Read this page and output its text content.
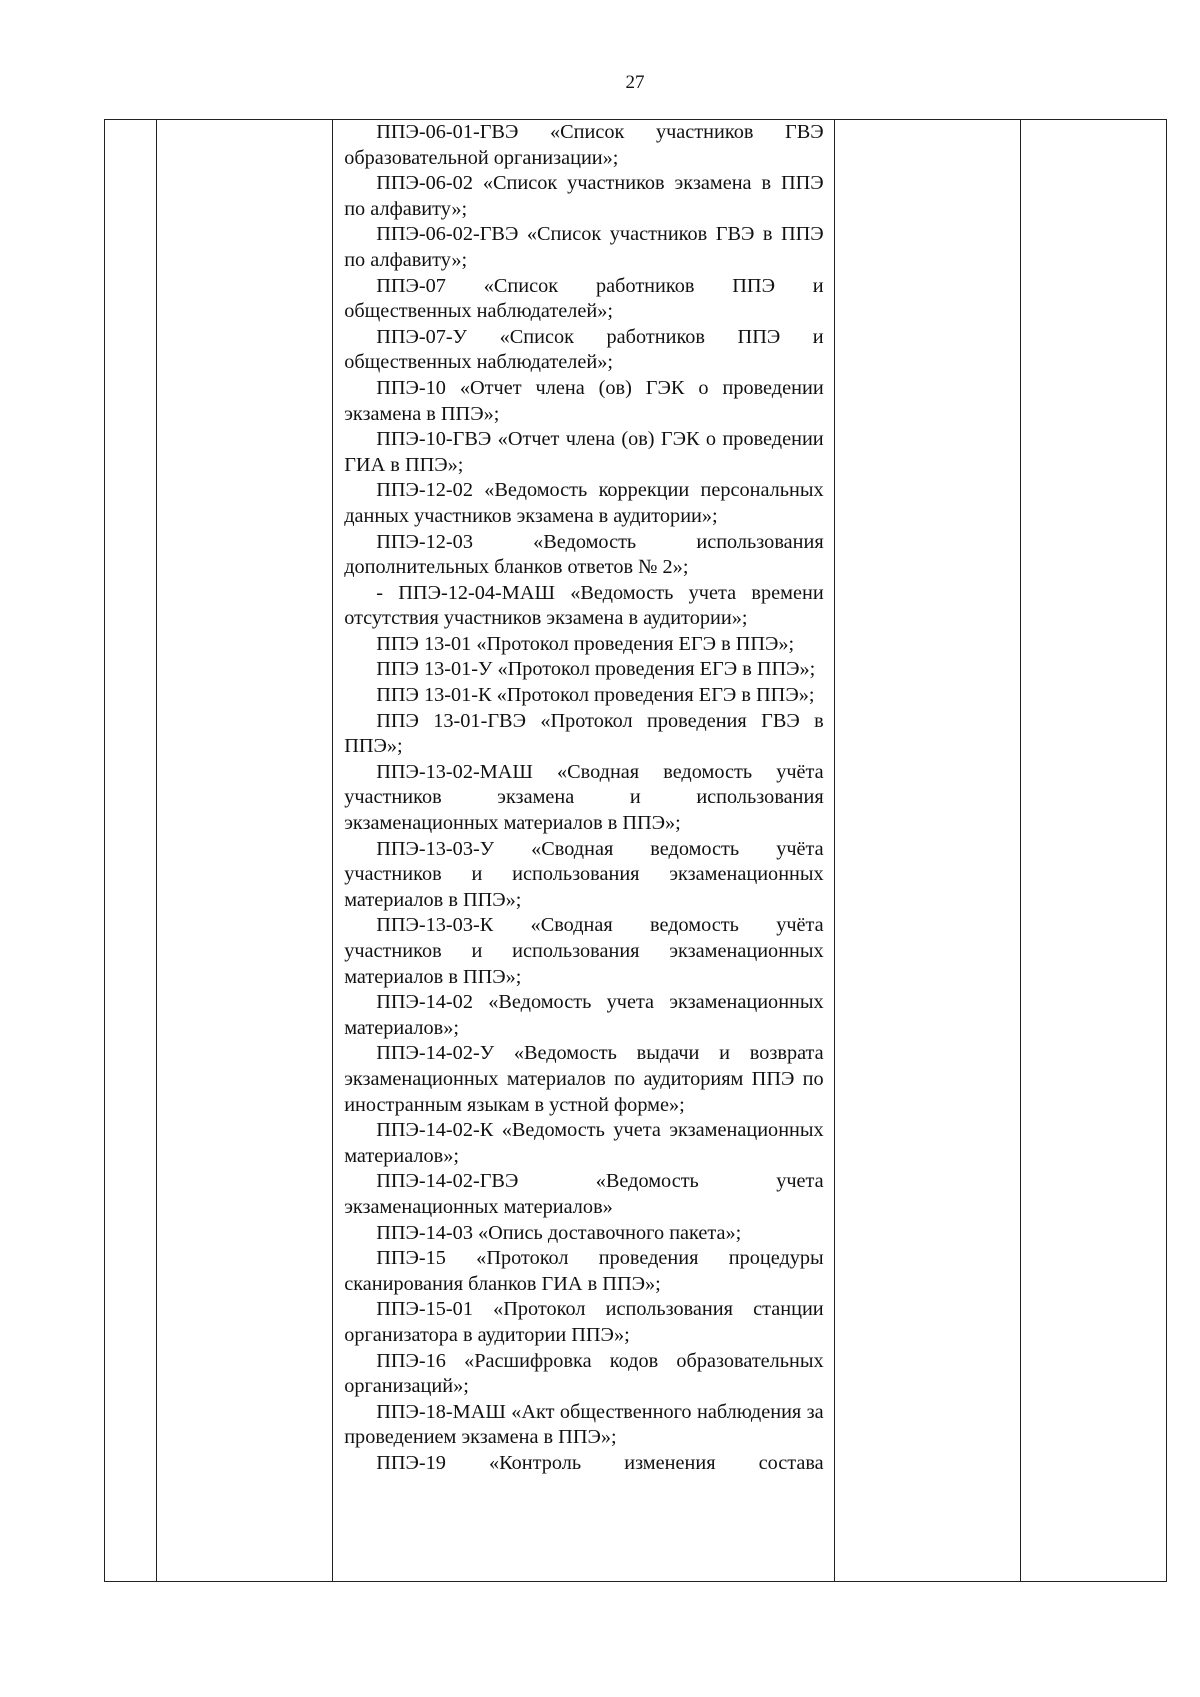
27

ППЭ-06-01-ГВЭ «Список участников ГВЭ образовательной организации»;

ППЭ-06-02 «Список участников экзамена в ППЭ по алфавиту»;

ППЭ-06-02-ГВЭ «Список участников ГВЭ в ППЭ по алфавиту»;

ППЭ-07 «Список работников ППЭ и общественных наблюдателей»;

ППЭ-07-У «Список работников ППЭ и общественных наблюдателей»;

ППЭ-10 «Отчет члена (ов) ГЭК о проведении экзамена в ППЭ»;

ППЭ-10-ГВЭ «Отчет члена (ов) ГЭК о проведении ГИА в ППЭ»;

ППЭ-12-02 «Ведомость коррекции персональных данных участников экзамена в аудитории»;

ППЭ-12-03 «Ведомость использования дополнительных бланков ответов № 2»;

- ППЭ-12-04-МАШ «Ведомость учета времени отсутствия участников экзамена в аудитории»;

ППЭ 13-01 «Протокол проведения ЕГЭ в ППЭ»;

ППЭ 13-01-У «Протокол проведения ЕГЭ в ППЭ»;

ППЭ 13-01-К «Протокол проведения ЕГЭ в ППЭ»;

ППЭ 13-01-ГВЭ «Протокол проведения ГВЭ в ППЭ»;

ППЭ-13-02-МАШ «Сводная ведомость учёта участников экзамена и использования экзаменационных материалов в ППЭ»;

ППЭ-13-03-У «Сводная ведомость учёта участников и использования экзаменационных материалов в ППЭ»;

ППЭ-13-03-К «Сводная ведомость учёта участников и использования экзаменационных материалов в ППЭ»;

ППЭ-14-02 «Ведомость учета экзаменационных материалов»;

ППЭ-14-02-У «Ведомость выдачи и возврата экзаменационных материалов по аудиториям ППЭ по иностранным языкам в устной форме»;

ППЭ-14-02-К «Ведомость учета экзаменационных материалов»;

ППЭ-14-02-ГВЭ «Ведомость учета экзаменационных материалов»

ППЭ-14-03 «Опись доставочного пакета»;

ППЭ-15 «Протокол проведения процедуры сканирования бланков ГИА в ППЭ»;

ППЭ-15-01 «Протокол использования станции организатора в аудитории ППЭ»;

ППЭ-16 «Расшифровка кодов образовательных организаций»;

ППЭ-18-МАШ «Акт общественного наблюдения за проведением экзамена в ППЭ»;

ППЭ-19 «Контроль изменения состава
